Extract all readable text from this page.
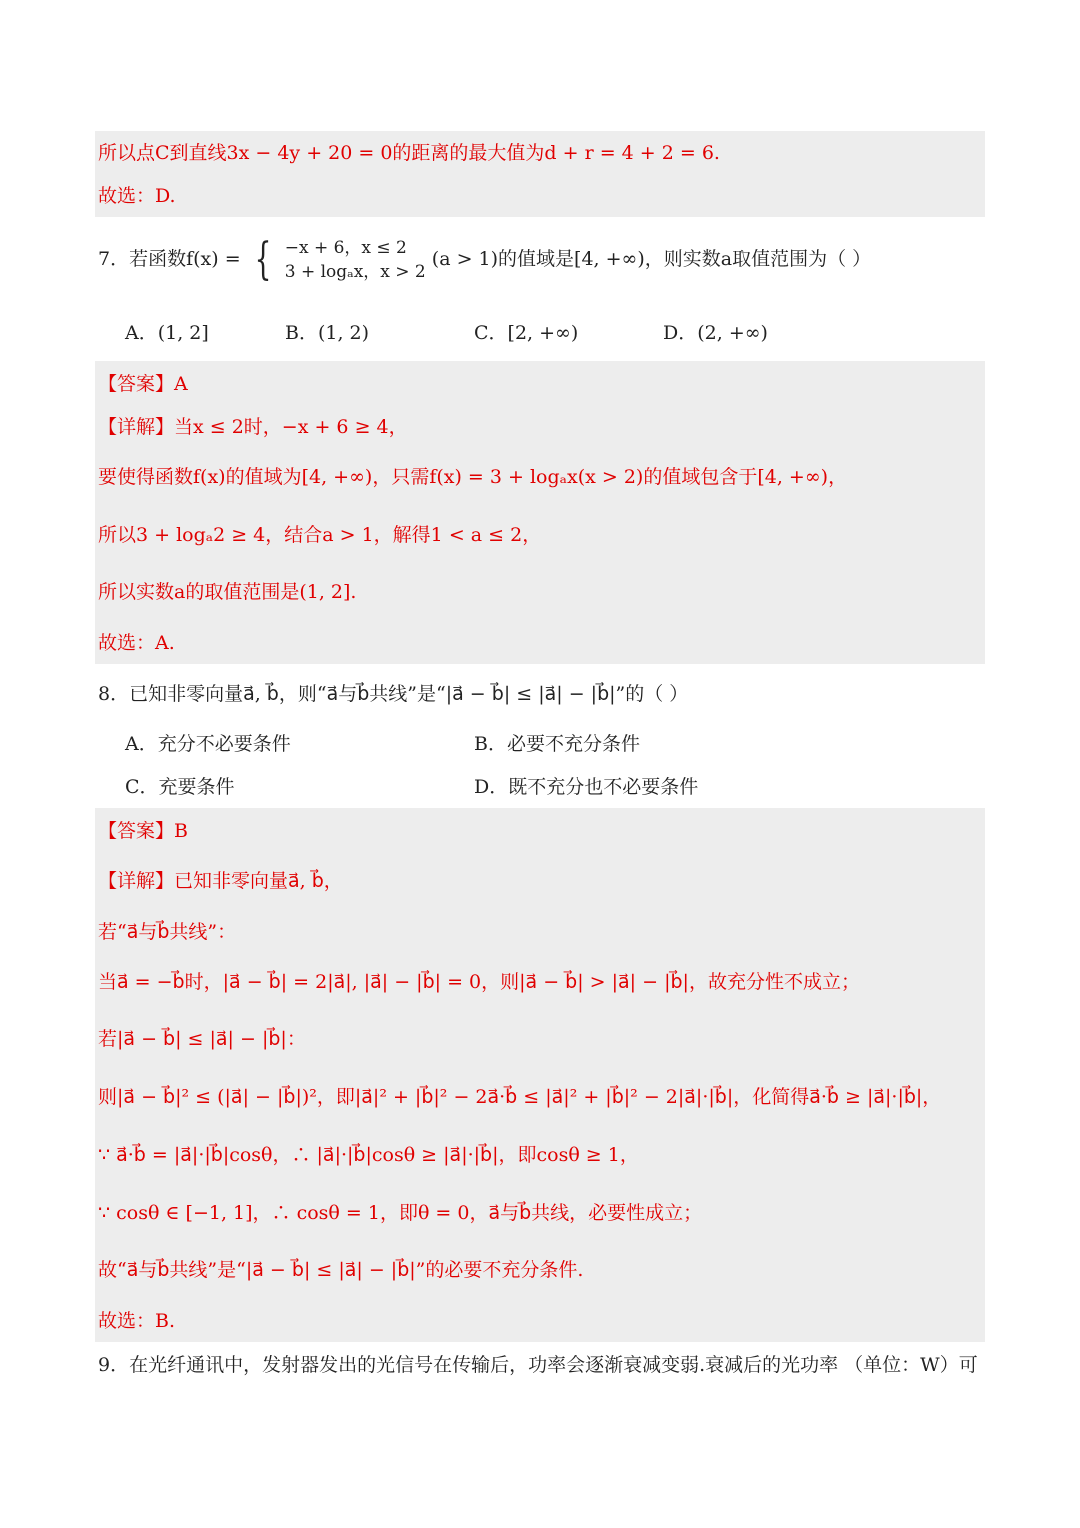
所以点C到直线3x − 4y + 20 = 0的距离的最大值为d + r = 4 + 2 = 6.
故选：D.
7．若函数f(x) = { −x + 6，x ≤ 2
3 + logₐx，x > 2
(a > 1)的值域是[4, +∞)，则实数a取值范围为（ ）
A．(1, 2]	B．(1, 2)	C．[2, +∞)	D．(2, +∞)
【答案】A
【详解】当x ≤ 2时，−x + 6 ≥ 4，
要使得函数f(x)的值域为[4, +∞)，只需f(x) = 3 + logₐx(x > 2)的值域包含于[4, +∞)，
所以3 + logₐ2 ≥ 4，结合a > 1，解得1 < a ≤ 2，
所以实数a的取值范围是(1, 2].
故选：A.
8．已知非零向量a⃗, b⃗，则“a⃗与b⃗共线”是“|a⃗ − b⃗| ≤ |a⃗| − |b⃗|”的（ ）
A．充分不必要条件	B．必要不充分条件
C．充要条件	D．既不充分也不必要条件
【答案】B
【详解】已知非零向量a⃗, b⃗，
若“a⃗与b⃗共线”：
当a⃗ = −b⃗时，|a⃗ − b⃗| = 2|a⃗|, |a⃗| − |b⃗| = 0，则|a⃗ − b⃗| > |a⃗| − |b⃗|，故充分性不成立；
若|a⃗ − b⃗| ≤ |a⃗| − |b⃗|：
则|a⃗ − b⃗|² ≤ (|a⃗| − |b⃗|)²，即|a⃗|² + |b⃗|² − 2a⃗·b⃗ ≤ |a⃗|² + |b⃗|² − 2|a⃗|·|b⃗|，化简得a⃗·b⃗ ≥ |a⃗|·|b⃗|，
∵ a⃗·b⃗ = |a⃗|·|b⃗|cosθ，∴ |a⃗|·|b⃗|cosθ ≥ |a⃗|·|b⃗|，即cosθ ≥ 1，
∵ cosθ ∈ [−1, 1]，∴ cosθ = 1，即θ = 0，a⃗与b⃗共线，必要性成立；
故“a⃗与b⃗共线”是“|a⃗ − b⃗| ≤ |a⃗| − |b⃗|”的必要不充分条件.
故选：B.
9．在光纤通讯中，发射器发出的光信号在传输后，功率会逐渐衰减变弱.衰减后的光功率 （单位：W）可
